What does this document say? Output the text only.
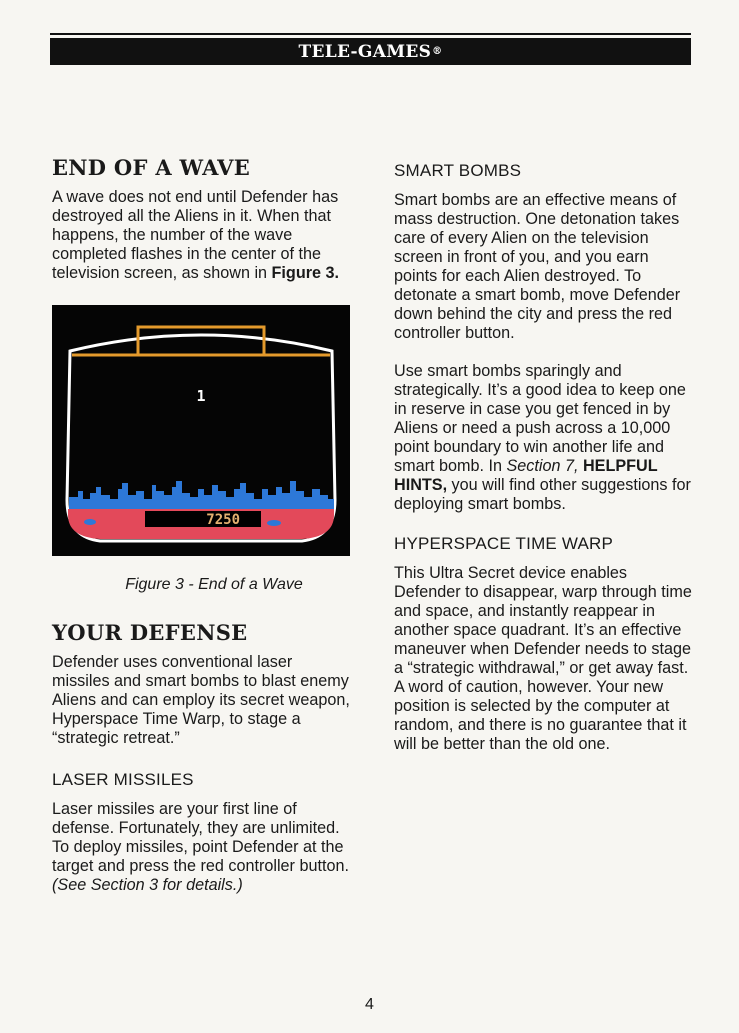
TELE-GAMES ®
END OF A WAVE

A wave does not end until Defender has destroyed all the Aliens in it. When that happens, the number of the wave completed flashes in the center of the television screen, as shown in Figure 3.

1
7250
Figure 3 - End of a Wave
YOUR DEFENSE

Defender uses conventional laser missiles and smart bombs to blast enemy Aliens and can employ its secret weapon, Hyperspace Time Warp, to stage a “strategic retreat.”

LASER MISSILES

Laser missiles are your first line of defense. Fortunately, they are unlimited. To deploy missiles, point Defender at the target and press the red controller button. (See Section 3 for details.)

SMART BOMBS

Smart bombs are an effective means of mass destruction. One detonation takes care of every Alien on the television screen in front of you, and you earn points for each Alien destroyed. To detonate a smart bomb, move Defender down behind the city and press the red controller button.

Use smart bombs sparingly and strategically. It’s a good idea to keep one in reserve in case you get fenced in by Aliens or need a push across a 10,000 point boundary to win another life and smart bomb. In Section 7, HELPFUL HINTS, you will find other suggestions for deploying smart bombs.

HYPERSPACE TIME WARP

This Ultra Secret device enables Defender to disappear, warp through time and space, and instantly reappear in another space quadrant. It’s an effective maneuver when Defender needs to stage a “strategic withdrawal,” or get away fast. A word of caution, however. Your new position is selected by the computer at random, and there is no guarantee that it will be better than the old one.

4
